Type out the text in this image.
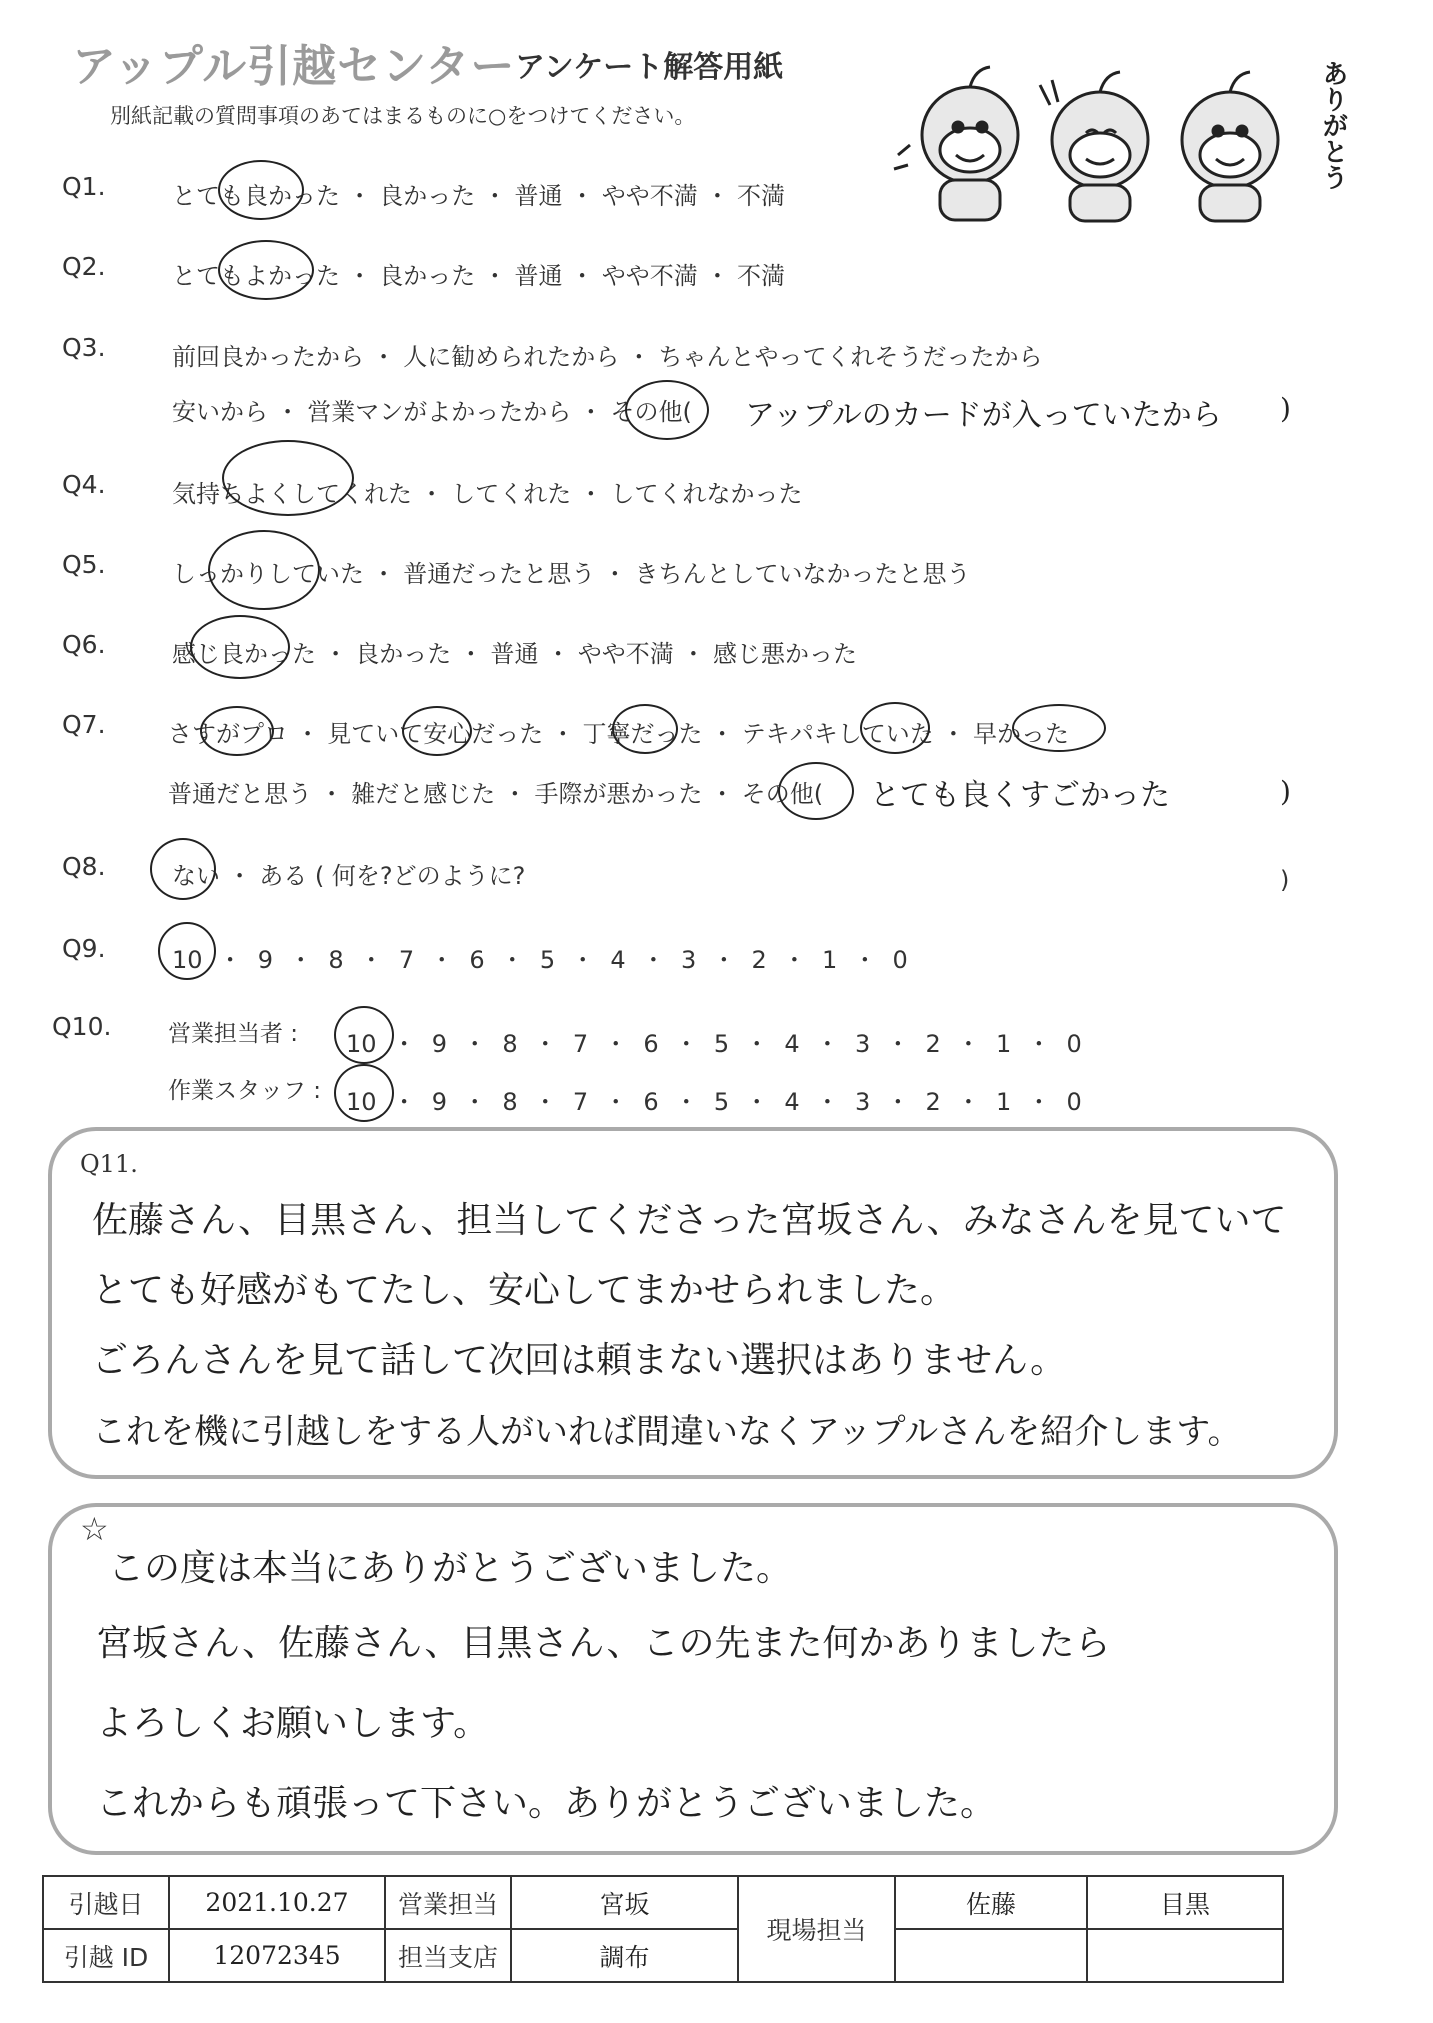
アップル引越センター アンケート解答用紙
別紙記載の質問事項のあてはまるものに○をつけてください。	ありがとう
Q1.	とても良かった ・ 良かった ・ 普通 ・ やや不満 ・ 不満
Q2.	とてもよかった ・ 良かった ・ 普通 ・ やや不満 ・ 不満
Q3.	前回良かったから ・ 人に勧められたから ・ ちゃんとやってくれそうだったから
安いから ・ 営業マンがよかったから ・ その他( アップルのカードが入っていたから )
Q4.	気持ちよくしてくれた ・ してくれた ・ してくれなかった
Q5.	しっかりしていた ・ 普通だったと思う ・ きちんとしていなかったと思う
Q6.	感じ良かった ・ 良かった ・ 普通 ・ やや不満 ・ 感じ悪かった
Q7.	さすがプロ ・ 見ていて安心だった ・ 丁寧だった ・ テキパキしていた ・ 早かった
普通だと思う ・ 雑だと感じた ・ 手際が悪かった ・ その他( とても良くすごかった	)
Q8.	ない ・ ある ( 何を?どのように?	)
Q9.	10 ・ 9 ・ 8 ・ 7 ・ 6 ・ 5 ・ 4 ・ 3 ・ 2 ・ 1 ・ 0
Q10. 営業担当者 : 10 ・ 9 ・ 8 ・ 7 ・ 6 ・ 5 ・ 4 ・ 3 ・ 2 ・ 1 ・ 0
作業スタッフ : 10 ・ 9 ・ 8 ・ 7 ・ 6 ・ 5 ・ 4 ・ 3 ・ 2 ・ 1 ・ 0
Q11.
佐藤さん、目黒さん、担当してくださった宮坂さん、みなさんを見ていて
とても好感がもてたし、安心してまかせられました。
ごろんさんを見て話して次回は頼まない選択はありません。
これを機に引越しをする人がいれば間違いなくアップルさんを紹介します。
☆
この度は本当にありがとうございました。
宮坂さん、佐藤さん、目黒さん、この先また何かありましたら
よろしくお願いします。
これからも頑張って下さい。ありがとうございました。
引越日	2021.10.27	営業担当	宮坂	現場担当	佐藤	目黒
引越 ID	12072345	担当支店	調布			
